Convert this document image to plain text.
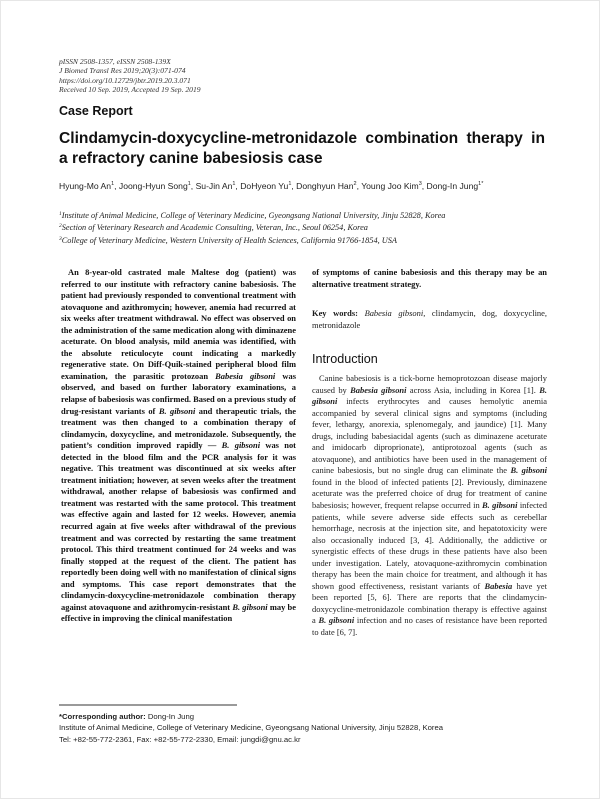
pISSN 2508-1357, eISSN 2508-139X
J Biomed Transl Res 2019;20(3):071-074
https://doi.org/10.12729/jbtr.2019.20.3.071
Received 10 Sep. 2019, Accepted 19 Sep. 2019
Case Report
Clindamycin-doxycycline-metronidazole combination therapy in a refractory canine babesiosis case
Hyung-Mo An$^1$, Joong-Hyun Song$^1$, Su-Jin An$^1$, DoHyeon Yu$^1$, Donghyun Han$^2$, Young Joo Kim$^3$, Dong-In Jung$^{1*}$
$^1$Institute of Animal Medicine, College of Veterinary Medicine, Gyeongsang National University, Jinju 52828, Korea
$^2$Section of Veterinary Research and Academic Consulting, Veteran, Inc., Seoul 06254, Korea
$^3$College of Veterinary Medicine, Western University of Health Sciences, California 91766-1854, USA

An 8-year-old castrated male Maltese dog (patient) was referred to our institute with refractory canine babesiosis. The patient had previously responded to conventional treatment with atovaquone and azithromycin; however, anemia had recurred at six weeks after treatment withdrawal. No effect was observed on the administration of the same medication along with diminazene aceturate. On blood analysis, mild anemia was identified, with the absolute reticulocyte count indicating a markedly regenerative state. On Diff-Quik-stained peripheral blood film examination, the parasitic protozoan Babesia gibsoni was observed, and based on further laboratory examinations, a relapse of babesiosis was confirmed. Based on a previous study of drug-resistant variants of B. gibsoni and therapeutic trials, the treatment was then changed to a combination therapy of clindamycin, doxycycline, and metronidazole. Subsequently, the patient’s condition improved rapidly — B. gibsoni was not detected in the blood film and the PCR analysis for it was negative. This treatment was discontinued at six weeks after treatment initiation; however, at seven weeks after the treatment withdrawal, another relapse of babesiosis was confirmed and treatment was restarted with the same protocol. This treatment was effective again and lasted for 12 weeks. However, anemia recurred again at five weeks after withdrawal of the previous treatment and was corrected by restarting the same treatment protocol. This third treatment continued for 24 weeks and was finally stopped at the request of the client. The patient has reportedly been doing well with no manifestation of clinical signs and symptoms. This case report demonstrates that the clindamycin-doxycycline-metronidazole combination therapy against atovaquone and azithromycin-resistant B. gibsoni may be effective in improving the clinical manifestation

of symptoms of canine babesiosis and this therapy may be an alternative treatment strategy.

Key words: Babesia gibsoni, clindamycin, dog, doxycycline, metronidazole
Introduction

Canine babesiosis is a tick-borne hemoprotozoan disease majorly caused by Babesia gibsoni across Asia, including in Korea [1]. B. gibsoni infects erythrocytes and causes hemolytic anemia accompanied by several clinical signs and symptoms (including fever, lethargy, anorexia, splenomegaly, and jaundice) [1]. Many drugs, including babesiacidal agents (such as diminazene aceturate and imidocarb diproprionate), antiprotozoal agents (such as atovaquone), and antibiotics have been used in the management of canine babesiosis, but no single drug can eliminate the B. gibsoni found in the blood of infected patients [2]. Previously, diminazene aceturate was the preferred choice of drug for treatment of canine babesiosis; however, frequent relapse occurred in B. gibsoni infected patients, while severe adverse side effects such as cerebellar hemorrhage, necrosis at the injection site, and hepatotoxicity were also occasionally induced [3, 4]. Additionally, the addictive or synergistic effects of these drugs in these patients have also been under investigation. Lately, atovaquone-azithromycin combination therapy has been the main choice for treatment, and although it has shown good effectiveness, resistant variants of Babesia have yet been reported [5, 6]. There are reports that the clindamycin-doxycycline-metronidazole combination therapy is effective against a B. gibsoni infection and no cases of resistance have been reported to date [6, 7].

*Corresponding author: Dong-In Jung
Institute of Animal Medicine, College of Veterinary Medicine, Gyeongsang National University, Jinju 52828, Korea
Tel: +82-55-772-2361, Fax: +82-55-772-2330, Email: jungdi@gnu.ac.kr
